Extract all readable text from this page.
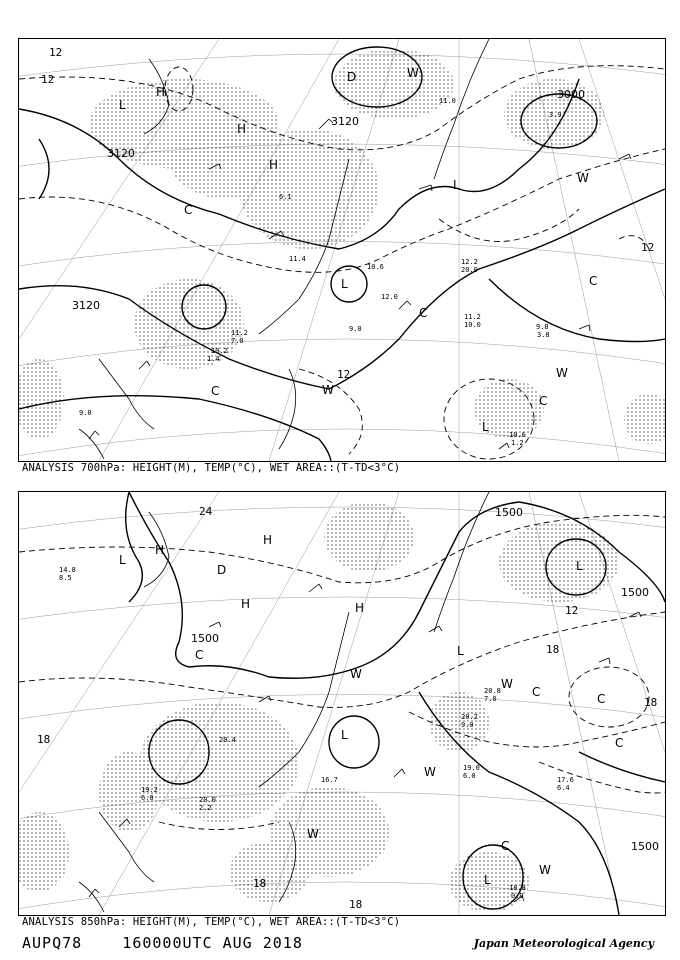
3000
3120
3120
3120
12
12
12
12
H
H
H
L
L
L
L
W
W
W
W
C
C
C
C
C
D
11.4
10.6
12.0
9.0
11.2
10.0	9.8
3.8
10.6
1.2
12.2
20.0
10.2
1.4
11.2
7.0
9.0
11.0
3.9
6.1
ANALYSIS 700hPa: HEIGHT(M), TEMP(°C), WET AREA::(T-TD<3°C)
1500
1500
1500
1500
24
18
18
18
18
18
12
H
H
H	H
L	L
L
L
L
W
W
W
W
W
C
C	C
C
C
D
19.0
6.0
20.2
9.0
20.8
7.0
18.8
0.9
17.6
6.4
20.0
2.2
19.2
6.0
16.7
20.4
14.8
8.5
ANALYSIS 850hPa: HEIGHT(M), TEMP(°C), WET AREA::(T-TD<3°C)
AUPQ78	160000UTC AUG 2018	Japan Meteorological Agency
